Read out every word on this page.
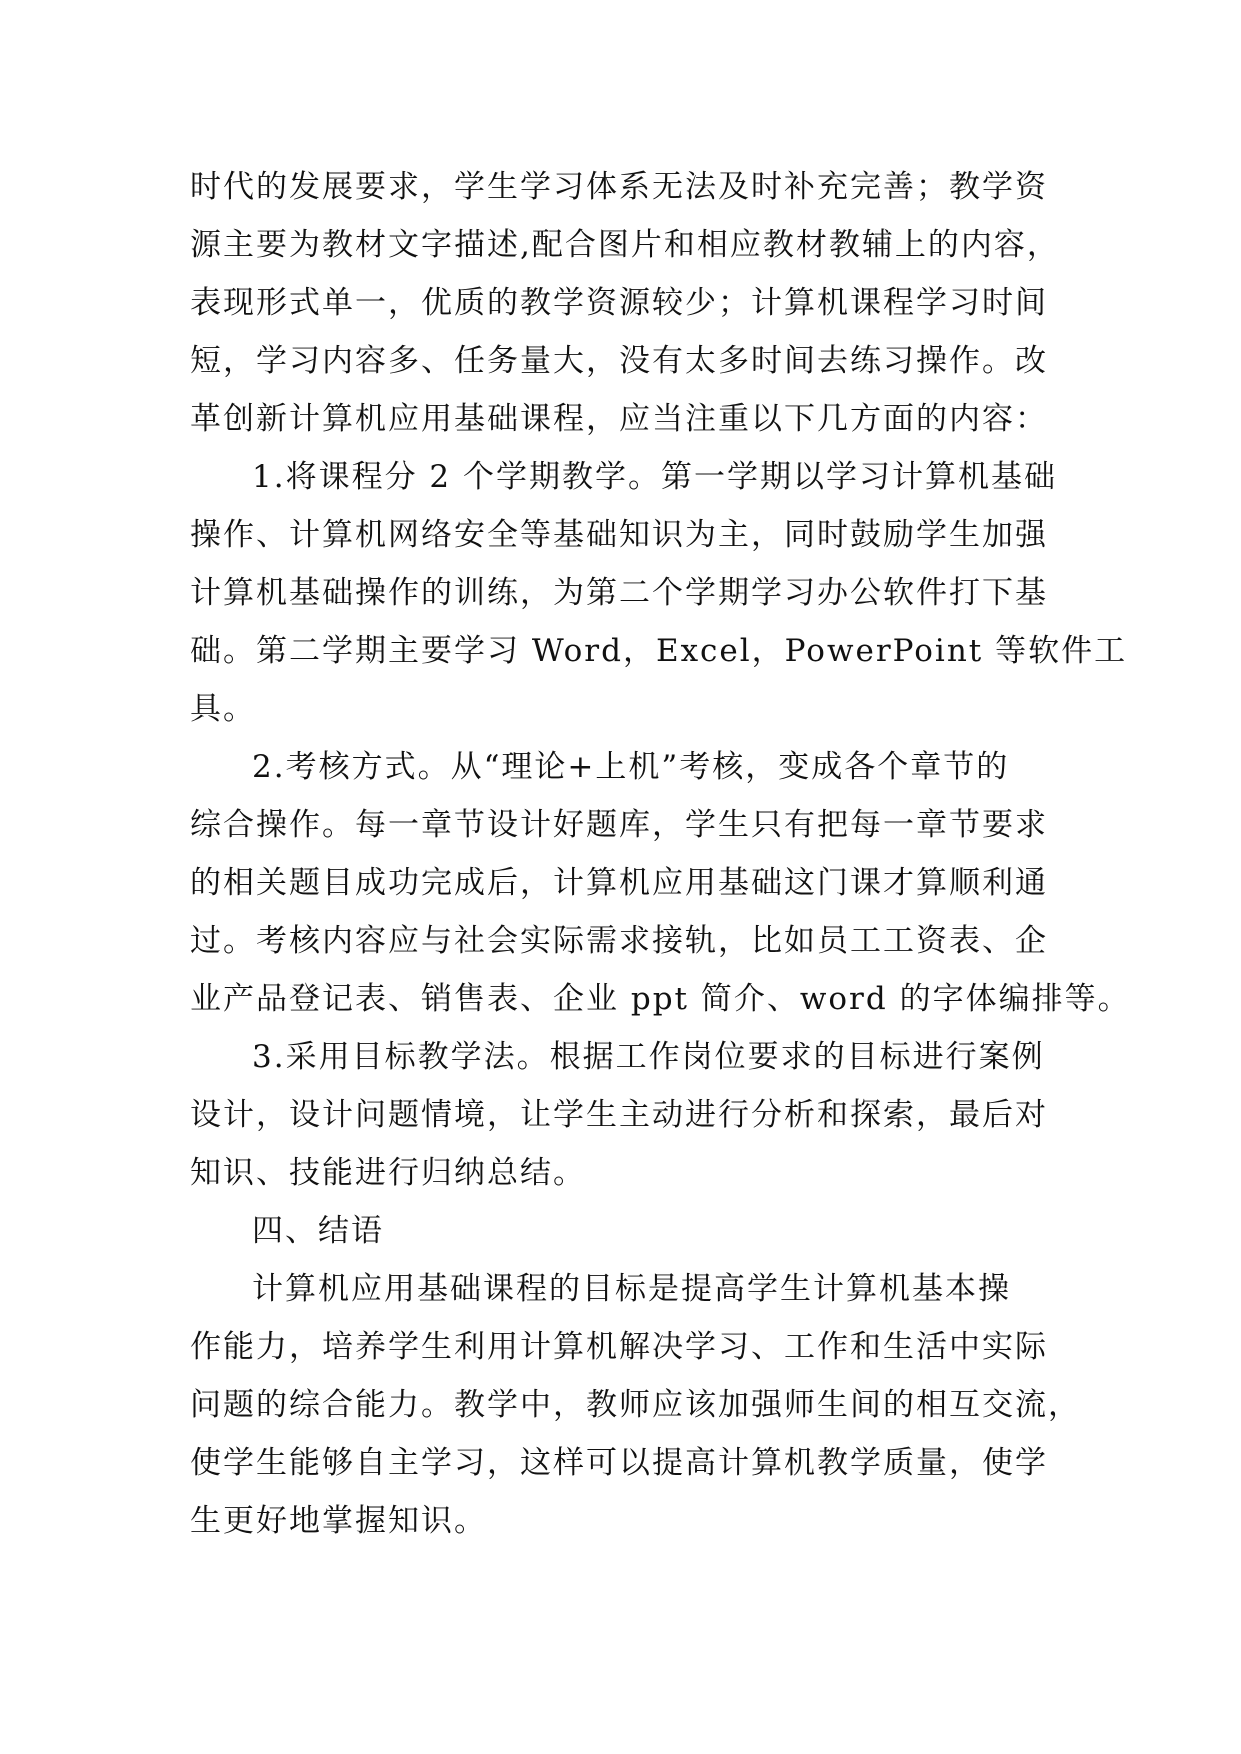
时代的发展要求，学生学习体系无法及时补充完善；教学资
源主要为教材文字描述,配合图片和相应教材教辅上的内容，
表现形式单一，优质的教学资源较少；计算机课程学习时间
短，学习内容多、任务量大，没有太多时间去练习操作。改
革创新计算机应用基础课程，应当注重以下几方面的内容：
1.将课程分 2 个学期教学。第一学期以学习计算机基础
操作、计算机网络安全等基础知识为主，同时鼓励学生加强
计算机基础操作的训练，为第二个学期学习办公软件打下基
础。第二学期主要学习 Word，Excel，PowerPoint 等软件工
具。
2.考核方式。从“理论+上机”考核，变成各个章节的
综合操作。每一章节设计好题库，学生只有把每一章节要求
的相关题目成功完成后，计算机应用基础这门课才算顺利通
过。考核内容应与社会实际需求接轨，比如员工工资表、企
业产品登记表、销售表、企业 ppt 简介、word 的字体编排等。
3.采用目标教学法。根据工作岗位要求的目标进行案例
设计，设计问题情境，让学生主动进行分析和探索，最后对
知识、技能进行归纳总结。
四、结语
计算机应用基础课程的目标是提高学生计算机基本操
作能力，培养学生利用计算机解决学习、工作和生活中实际
问题的综合能力。教学中，教师应该加强师生间的相互交流，
使学生能够自主学习，这样可以提高计算机教学质量，使学
生更好地掌握知识。
